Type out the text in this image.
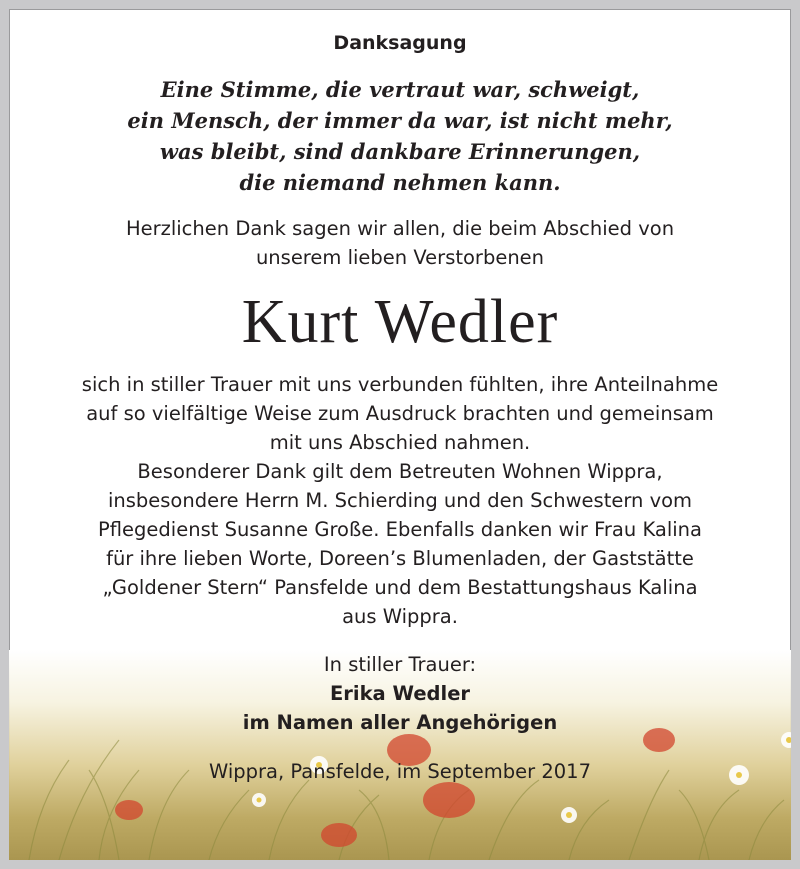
Danksagung
Eine Stimme, die vertraut war, schweigt,
ein Mensch, der immer da war, ist nicht mehr,
was bleibt, sind dankbare Erinnerungen,
die niemand nehmen kann.
Herzlichen Dank sagen wir allen, die beim Abschied von
unserem lieben Verstorbenen
Kurt Wedler
sich in stiller Trauer mit uns verbunden fühlten, ihre Anteilnahme
auf so vielfältige Weise zum Ausdruck brachten und gemeinsam
mit uns Abschied nahmen.
Besonderer Dank gilt dem Betreuten Wohnen Wippra,
insbesondere Herrn M. Schierding und den Schwestern vom
Pflegedienst Susanne Große. Ebenfalls danken wir Frau Kalina
für ihre lieben Worte, Doreen’s Blumenladen, der Gaststätte
„Goldener Stern“ Pansfelde und dem Bestattungshaus Kalina
aus Wippra.
In stiller Trauer:
Erika Wedler
im Namen aller Angehörigen
Wippra, Pansfelde, im September 2017
